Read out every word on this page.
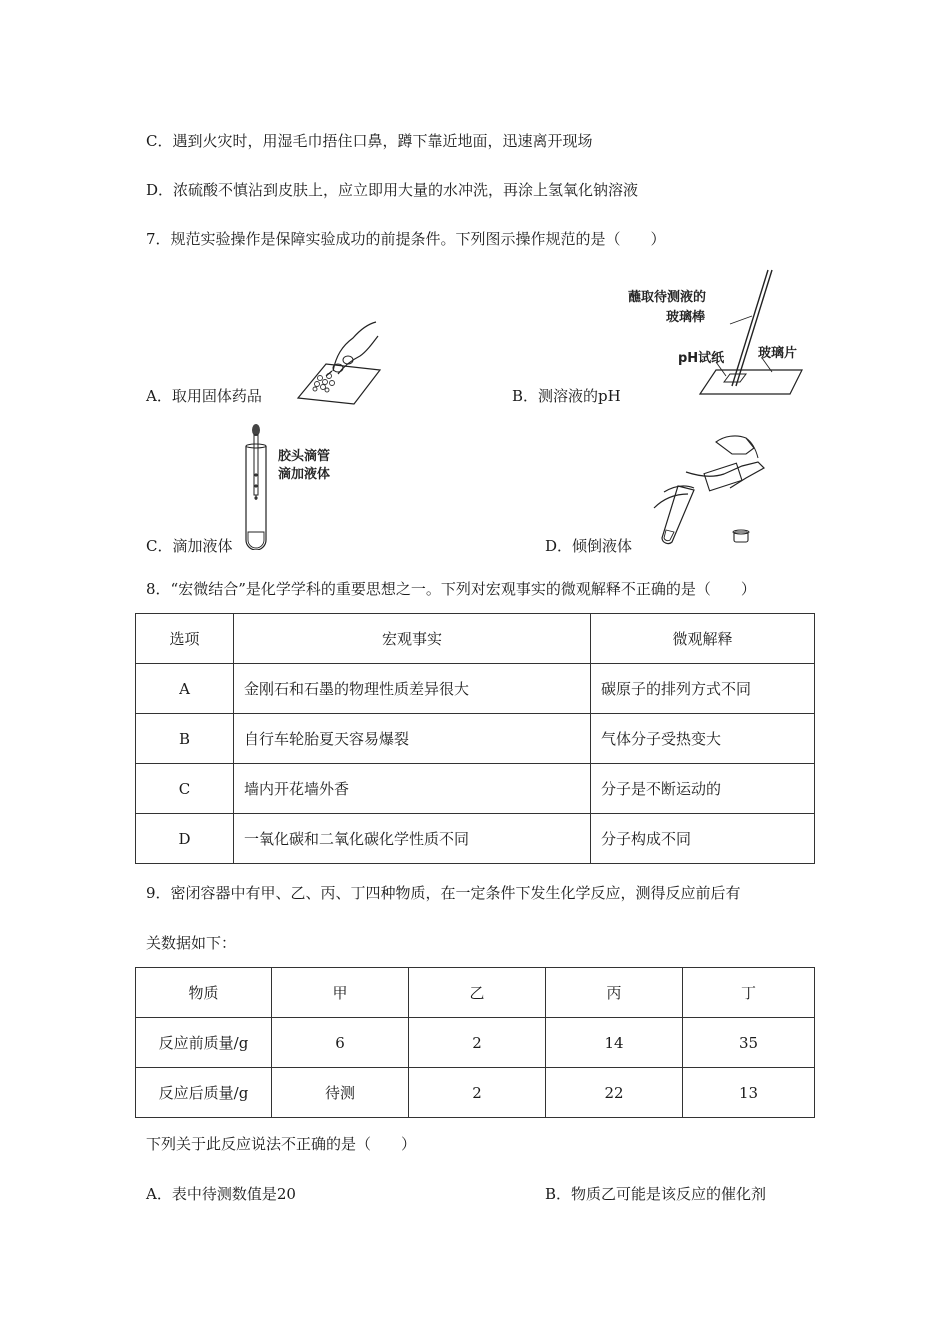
C．遇到火灾时，用湿毛巾捂住口鼻，蹲下靠近地面，迅速离开现场
D．浓硫酸不慎沾到皮肤上，应立即用大量的水冲洗，再涂上氢氧化钠溶液
7．规范实验操作是保障实验成功的前提条件。下列图示操作规范的是（　　）
A．取用固体药品
蘸取待测液的
玻璃棒
pH试纸	玻璃片
B．测溶液的pH
胶头滴管
滴加液体
C．滴加液体	D．倾倒液体
8．“宏微结合”是化学学科的重要思想之一。下列对宏观事实的微观解释不正确的是（　　）
选项	宏观事实	微观解释
A	金刚石和石墨的物理性质差异很大	碳原子的排列方式不同
B	自行车轮胎夏天容易爆裂	气体分子受热变大
C	墙内开花墙外香	分子是不断运动的
D	一氧化碳和二氧化碳化学性质不同	分子构成不同
9．密闭容器中有甲、乙、丙、丁四种物质，在一定条件下发生化学反应，测得反应前后有
关数据如下：
物质	甲	乙	丙	丁
反应前质量/g	6	2	14	35
反应后质量/g	待测	2	22	13
下列关于此反应说法不正确的是（　　）
A．表中待测数值是20	B．物质乙可能是该反应的催化剂
